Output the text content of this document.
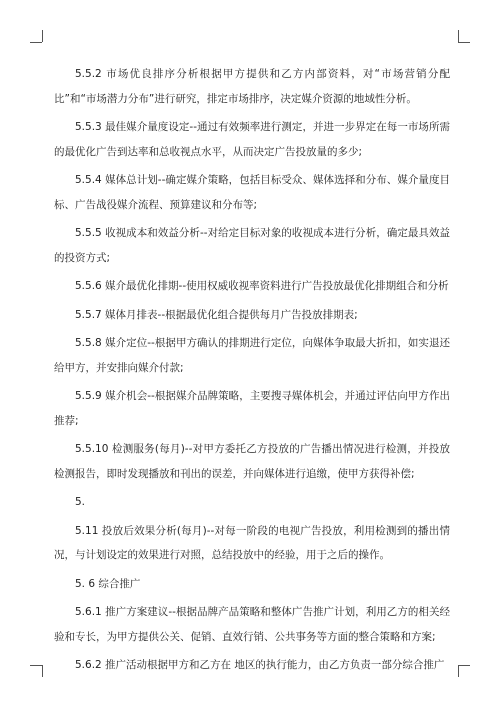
5.5.2 市场优良排序分析根据甲方提供和乙方内部资料，对“市场营销分配比”和“市场潜力分布”进行研究，排定市场排序，决定媒介资源的地域性分析。

5.5.3 最佳媒介量度设定--通过有效频率进行测定，并进一步界定在每一市场所需的最优化广告到达率和总收视点水平，从而决定广告投放量的多少;

5.5.4 媒体总计划--确定媒介策略，包括目标受众、媒体选择和分布、媒介量度目标、广告战役媒介流程、预算建议和分布等;

5.5.5 收视成本和效益分析--对给定目标对象的收视成本进行分析，确定最具效益的投资方式;

5.5.6 媒介最优化排期--使用权威收视率资料进行广告投放最优化排期组合和分析

5.5.7 媒体月排表--根据最优化组合提供每月广告投放排期表;

5.5.8 媒介定位--根据甲方确认的排期进行定位，向媒体争取最大折扣，如实退还给甲方，并安排向媒介付款;

5.5.9 媒介机会--根据媒介品牌策略，主要搜寻媒体机会，并通过评估向甲方作出推荐;

5.5.10 检测服务(每月)--对甲方委托乙方投放的广告播出情况进行检测，并投放检测报告，即时发现播放和刊出的误差，并向媒体进行追缴，使甲方获得补偿;

5.

5.11 投放后效果分析(每月)--对每一阶段的电视广告投放，利用检测到的播出情况，与计划设定的效果进行对照，总结投放中的经验，用于之后的操作。

5. 6 综合推广

5.6.1 推广方案建议--根据品牌产品策略和整体广告推广计划，利用乙方的相关经验和专长，为甲方提供公关、促销、直效行销、公共事务等方面的整合策略和方案;

5.6.2 推广活动根据甲方和乙方在 地区的执行能力，由乙方负责一部分综合推广
